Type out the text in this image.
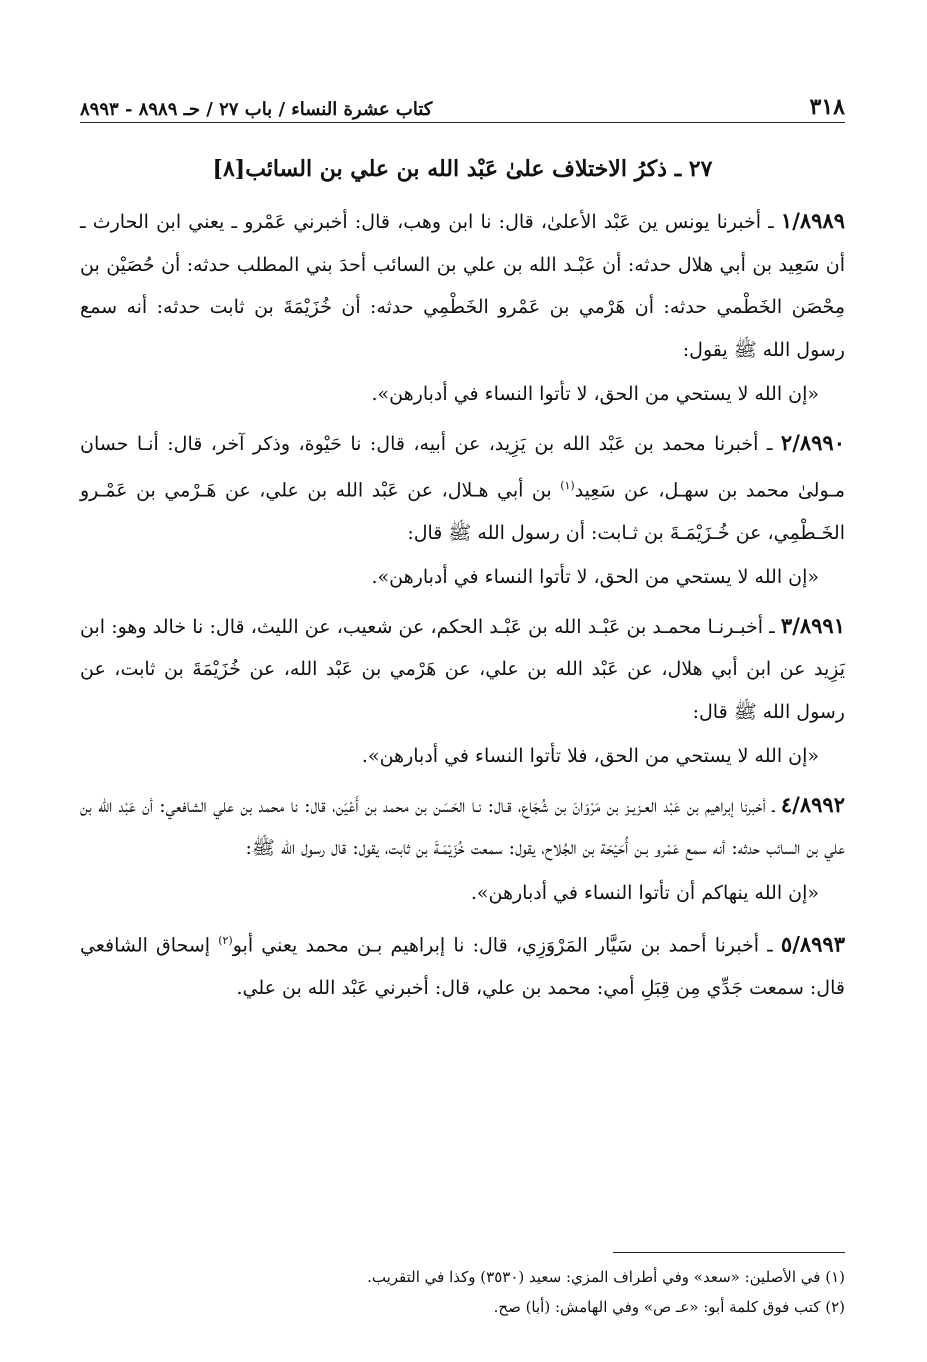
٣١٨
كتاب عشرة النساء / باب ٢٧ / حـ ٨٩٨٩ - ٨٩٩٣
٢٧ ـ ذكرُ الاختلاف علىٰ عَبْد الله بن علي بن السائب[٨]

١/٨٩٨٩ ـ أخبرنا يونس ين عَبْد الأعلىٰ، قال: نا ابن وهب، قال: أخبرني عَمْرو ـ يعني ابن الحارث ـ أن سَعِيد بن أبي هلال حدثه: أن عَبْـد الله بن علي بن السائب أحدَ بني المطلب حدثه: أن حُصَيْن بن مِحْصَن الخَطْمي حدثه: أن هَرْمي بن عَمْرو الخَطْمِي حدثه: أن خُزَيْمَةَ بن ثابت حدثه: أنه سمع رسول الله ﷺ يقول:

«إن الله لا يستحي من الحق، لا تأتوا النساء في أدبارهن».

٢/٨٩٩٠ ـ أخبرنا محمد بن عَبْد الله بن يَزِيد، عن أبيه، قال: نا حَيْوة، وذكر آخر، قال: أنـا حسان مـولىٰ محمد بن سهـل، عن سَعِيد$^{(١)}$ بن أبي هـلال، عن عَبْد الله بن علي، عن هَـرْمي بن عَمْـرو الخَـطْمِي، عن خُـزَيْمَـةَ بن ثـابت: أن رسول الله ﷺ قال:

«إن الله لا يستحي من الحق، لا تأتوا النساء في أدبارهن».

٣/٨٩٩١ ـ أخبـرنـا محمـد بن عَبْـد الله بن عَبْـد الحكم، عن شعيب، عن الليث، قال: نا خالد وهو: ابن يَزِيد عن ابن أبي هلال، عن عَبْد الله بن علي، عن هَرْمي بن عَبْد الله، عن خُزَيْمَةَ بن ثابت، عن رسول الله ﷺ قال:

«إن الله لا يستحي من الحق، فلا تأتوا النساء في أدبارهن».

٤/٨٩٩٢ ـ أخبرنا إبراهيم بن عَبْد العـزيـز بن مَرْوَانَ بن شُجَاع، قـال: نـا الحَسَن بن محمد بن أَعْيَن، قال: نا محمد بن علي الشافعي: أن عَبْد الله بن علي بن السائب حدثه: أنه سمع عَمْرو بـن أُحَيْحَة بن الجُلاح، يقول: سمعت خُزَيْمَـةَ بن ثابت، يقول: قال رسول الله ﷺ:

«إن الله ينهاكم أن تأتوا النساء في أدبارهن».

٥/٨٩٩٣ ـ أخبرنا أحمد بن سَيَّار المَرْوَزِي، قال: نا إبراهيم بـن محمد يعني أبو$^{(٢)}$ إسحاق الشافعي قال: سمعت جَدِّي مِن قِبَلِ أمي: محمد بن علي، قال: أخبرني عَبْد الله بن علي.

(١) في الأصلين: «سعد» وفي أطراف المزي: سعيد (٣٥٣٠) وكذا في التقريب.

(٢) كتب فوق كلمة أبو: «عـ ص» وفي الهامش: (أبا) صح.
